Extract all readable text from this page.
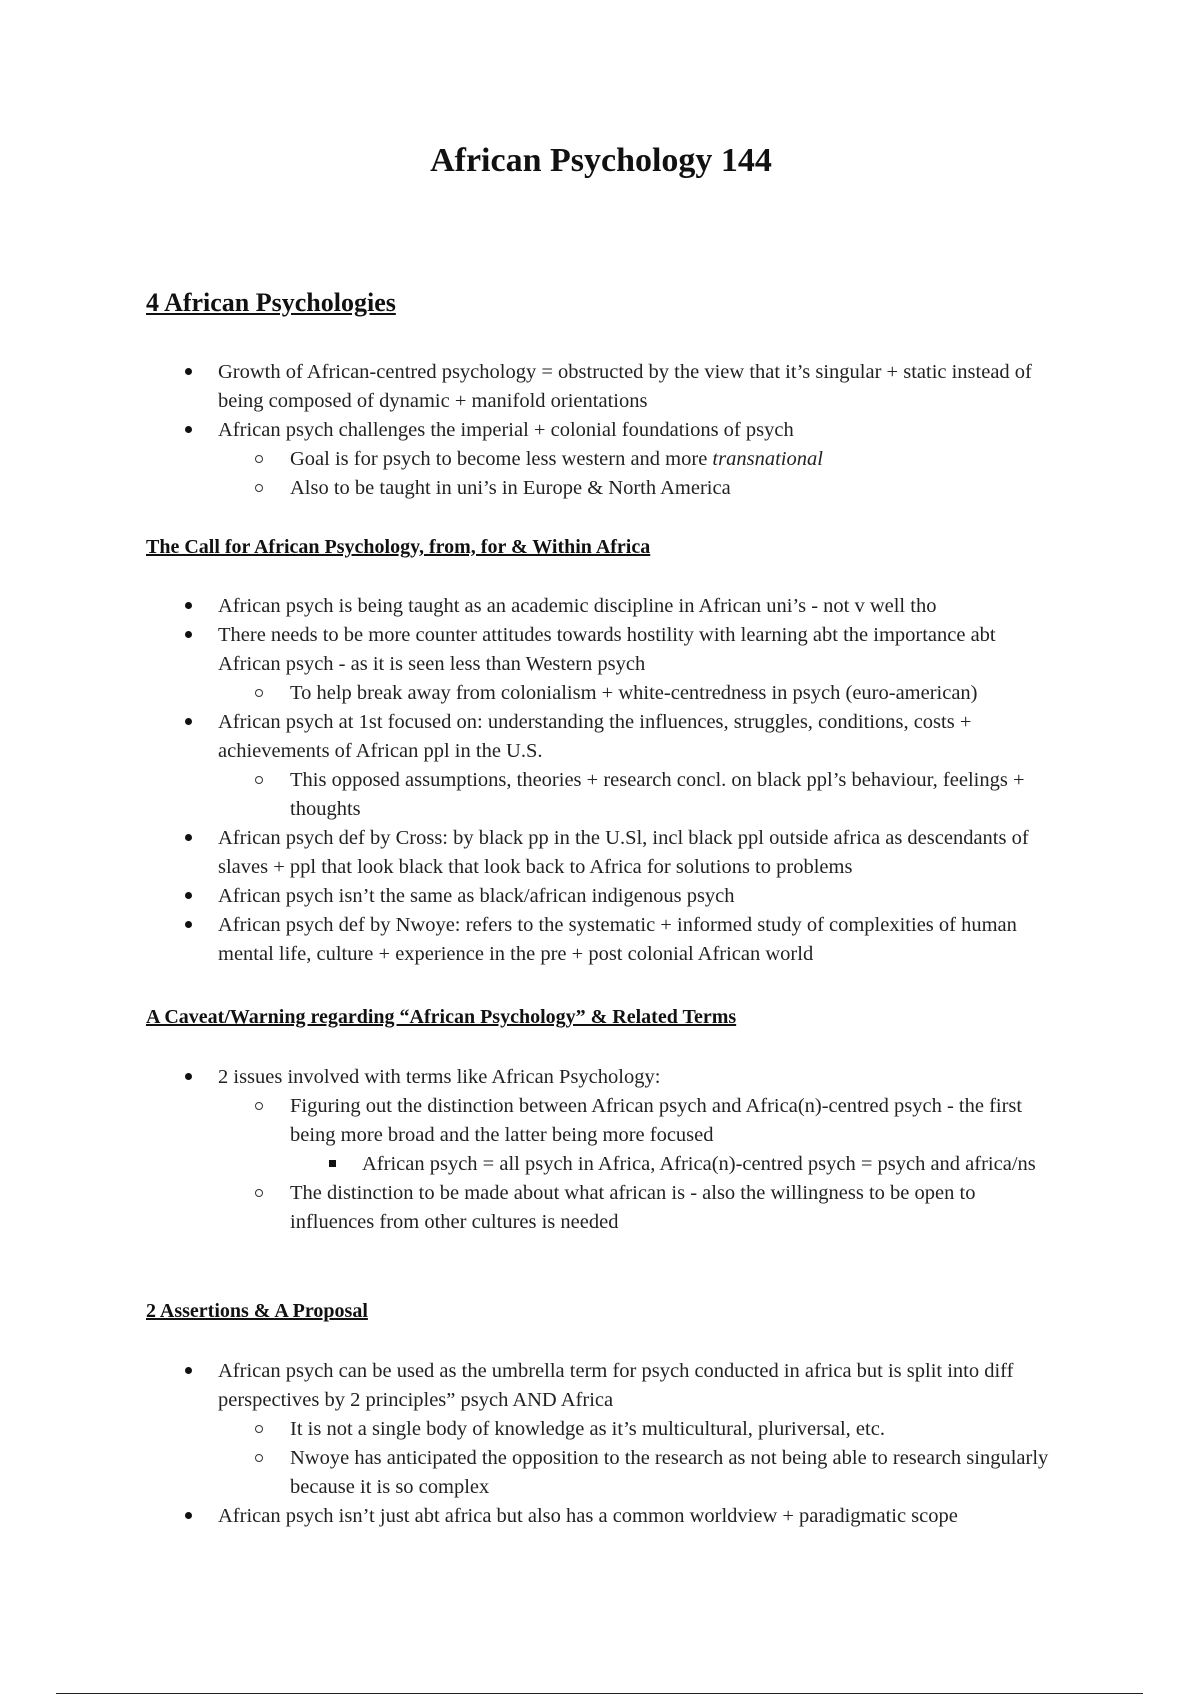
African Psychology 144
4 African Psychologies
Growth of African-centred psychology = obstructed by the view that it’s singular + static instead of being composed of dynamic + manifold orientations
African psych challenges the imperial + colonial foundations of psych
Goal is for psych to become less western and more transnational
Also to be taught in uni’s in Europe & North America
The Call for African Psychology, from, for & Within Africa
African psych is being taught as an academic discipline in African uni’s - not v well tho
There needs to be more counter attitudes towards hostility with learning abt the importance abt African psych - as it is seen less than Western psych
To help break away from colonialism + white-centredness in psych (euro-american)
African psych at 1st focused on: understanding the influences, struggles, conditions, costs + achievements of African ppl in the U.S.
This opposed assumptions, theories + research concl. on black ppl’s behaviour, feelings + thoughts
African psych def by Cross: by black pp in the U.Sl, incl black ppl outside africa as descendants of slaves + ppl that look black that look back to Africa for solutions to problems
African psych isn’t the same as black/african indigenous psych
African psych def by Nwoye: refers to the systematic + informed study of complexities of human mental life, culture + experience in the pre + post colonial African world
A Caveat/Warning regarding “African Psychology” & Related Terms
2 issues involved with terms like African Psychology:
Figuring out the distinction between African psych and Africa(n)-centred psych - the first being more broad and the latter being more focused
African psych = all psych in Africa, Africa(n)-centred psych = psych and africa/ns
The distinction to be made about what african is - also the willingness to be open to influences from other cultures is needed
2 Assertions & A Proposal
African psych can be used as the umbrella term for psych conducted in africa but is split into diff perspectives by 2 principles” psych AND Africa
It is not a single body of knowledge as it’s multicultural, pluriversal, etc.
Nwoye has anticipated the opposition to the research as not being able to research singularly because it is so complex
African psych isn’t just abt africa but also has a common worldview + paradigmatic scope
